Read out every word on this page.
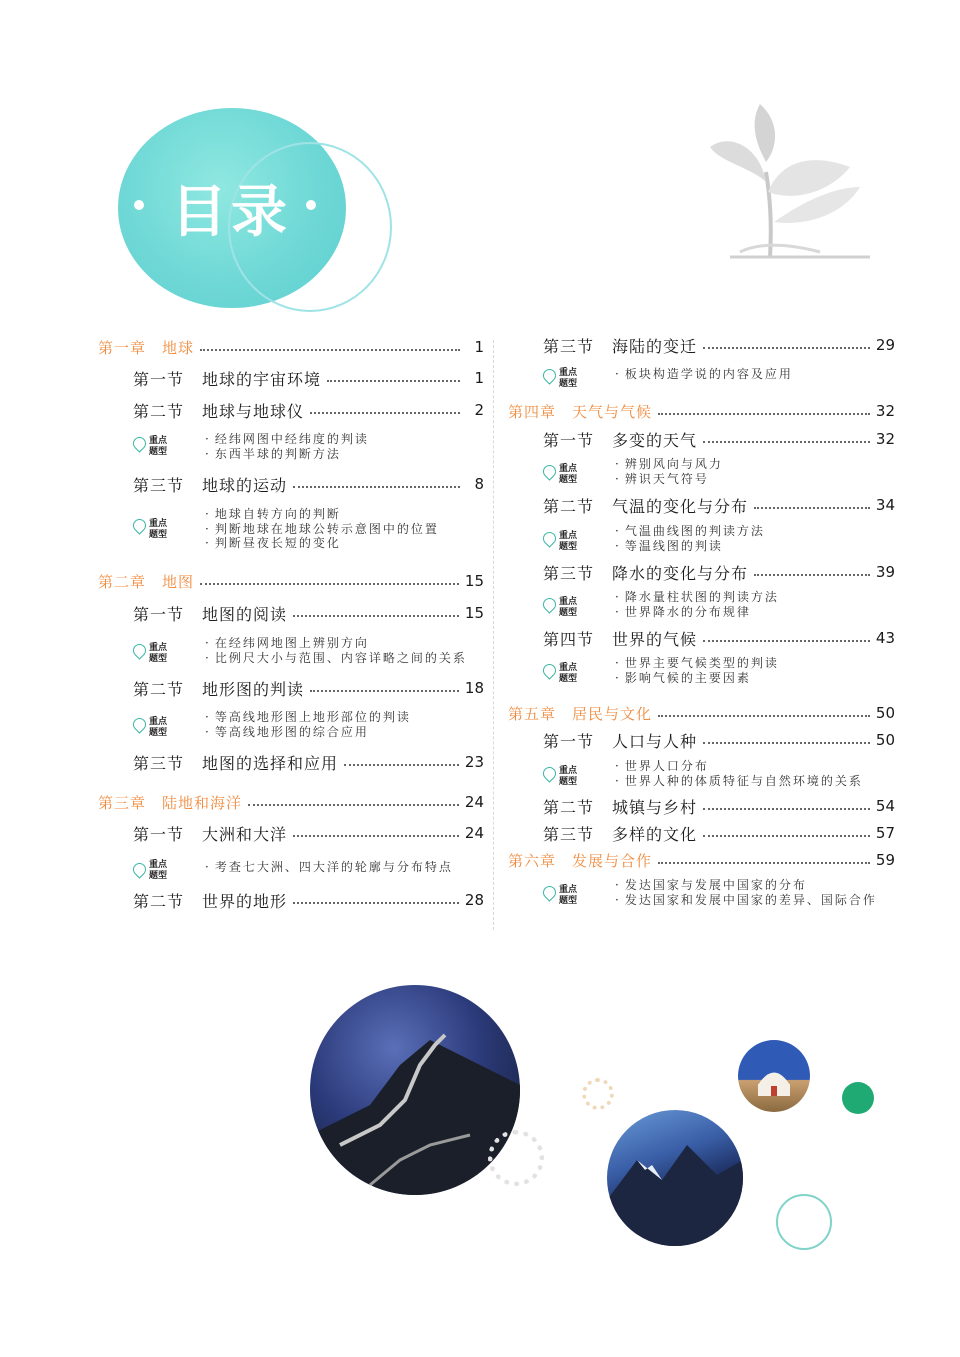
目录
第一章 地球	1
第一节 地球的宇宙环境	1
第二节 地球与地球仪	2
重点
题型
· 经纬网图中经纬度的判读
· 东西半球的判断方法
第三节 地球的运动	8
重点
题型
· 地球自转方向的判断
· 判断地球在地球公转示意图中的位置
· 判断昼夜长短的变化
第二章 地图	15
第一节 地图的阅读	15
重点
题型
· 在经纬网地图上辨别方向
· 比例尺大小与范围、内容详略之间的关系
第二节 地形图的判读	18
重点
题型
· 等高线地形图上地形部位的判读
· 等高线地形图的综合应用
第三节 地图的选择和应用	23
第三章 陆地和海洋	24
第一节 大洲和大洋	24
重点
题型
· 考查七大洲、四大洋的轮廓与分布特点
第二节 世界的地形	28
第三节 海陆的变迁	29
重点
题型
· 板块构造学说的内容及应用
第四章 天气与气候	32
第一节 多变的天气	32
重点
题型
· 辨别风向与风力
· 辨识天气符号
第二节 气温的变化与分布	34
重点
题型
· 气温曲线图的判读方法
· 等温线图的判读
第三节 降水的变化与分布	39
重点
题型
· 降水量柱状图的判读方法
· 世界降水的分布规律
第四节 世界的气候	43
重点
题型
· 世界主要气候类型的判读
· 影响气候的主要因素
第五章 居民与文化	50
第一节 人口与人种	50
重点
题型
· 世界人口分布
· 世界人种的体质特征与自然环境的关系
第二节 城镇与乡村	54
第三节 多样的文化	57
第六章 发展与合作	59
重点
题型
· 发达国家与发展中国家的分布
· 发达国家和发展中国家的差异、国际合作
